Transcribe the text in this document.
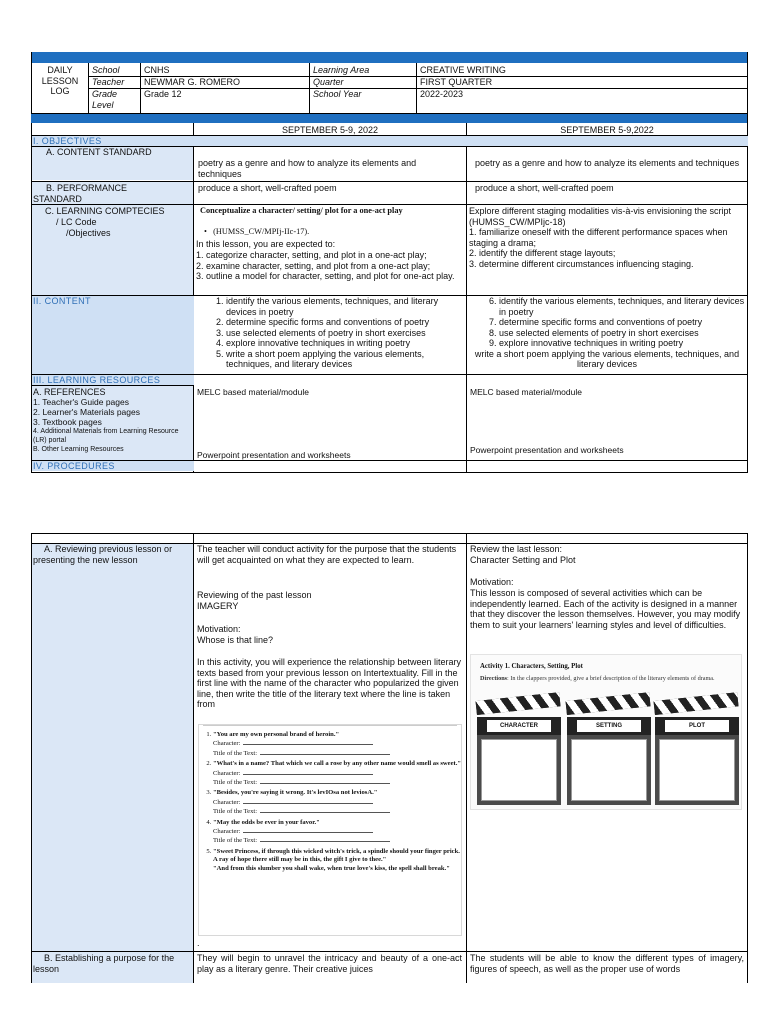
DAILY
LESSON
LOG
School	CNHS	Learning Area	CREATIVE WRITING
Teacher NEWMAR G. ROMERO	Quarter	FIRST QUARTER
Grade
Level
Grade 12	School Year	2022-2023
SEPTEMBER 5-9, 2022	SEPTEMBER 5-9,2022
I. OBJECTIVES
A. CONTENT STANDARD
poetry as a genre and how to analyze its elements and techniques
poetry as a genre and how to analyze its elements and techniques
B. PERFORMANCE STANDARD
produce a short, well-crafted poem	produce a short, well-crafted poem
C. LEARNING COMPTECIES
/ LC Code
/Objectives
Conceptualize a character/ setting/ plot for a one-act play
•   (HUMSS_CW/MPIj-IIc-17).
In this lesson, you are expected to:
1. categorize character, setting, and plot in a one-act play;
2. examine character, setting, and plot from a one-act play;
3. outline a model for character, setting, and plot for one-act play.
Explore different staging modalities vis-à-vis envisioning the script (HUMSS_CW/MPIjc-18)
1. familiarize oneself with the different performance spaces when staging a drama;
2. identify the different stage layouts;
3. determine different circumstances influencing staging.
II. CONTENT
1.	identify the various elements, techniques, and literary devices in poetry
2. determine specific forms and conventions of poetry
3. use selected elements of poetry in short exercises
4. explore innovative techniques in writing poetry
5. write a short poem applying the various elements, techniques, and literary devices
6. identify the various elements, techniques, and literary devices in poetry
7. determine specific forms and conventions of poetry
8. use selected elements of poetry in short exercises
9. explore innovative techniques in writing poetry
write a short poem applying the various elements, techniques, and literary devices
III. LEARNING RESOURCES
A. REFERENCES
1. Teacher's Guide pages
2. Learner's Materials pages
3. Textbook pages
4. Additional Materials from Learning Resource (LR) portal
B. Other Learning Resources
MELC based material/module
Powerpoint presentation and worksheets
MELC based material/module
Powerpoint presentation and worksheets
IV. PROCEDURES
A. Reviewing previous lesson or presenting the new lesson
The teacher will conduct activity for the purpose that the students will get acquainted on what they are expected to learn.
Reviewing of the past lesson
IMAGERY
Motivation:
Whose is that line?
In this activity, you will experience the relationship between literary texts based from your previous lesson on Intertextuality. Fill in the first line with the name of the character who popularized the given line, then write the title of the literary text where the line is taken from
1. "You are my own personal brand of heroin."
Character:
Title of the Text:
2. "What's in a name? That which we call a rose by any other name would smell as sweet."
Character:
Title of the Text:
3. "Besides, you're saying it wrong. It's levIOsa not leviosA."
Character:
Title of the Text:
4. "May the odds be ever in your favor."
Character:
Title of the Text:
5. "Sweet Princess, if through this wicked witch's trick, a spindle should your finger prick. A ray of hope there still may be in this, the gift I give to thee."
"And from this slumber you shall wake, when true love's kiss, the spell shall break."
.
Review the last lesson:
Character Setting and Plot
Motivation:
This lesson is composed of several activities which can be independently learned. Each of the activity is designed in a manner that they discover the lesson themselves. However, you may modify them to suit your learners' learning styles and level of difficulties.
Activity 1. Characters, Setting, Plot
Directions: In the clappers provided, give a brief description of the literary elements of drama.
CHARACTER	SETTING	PLOT
B. Establishing a purpose for the lesson
They will begin to unravel the intricacy and beauty of a one-act play as a literary genre. Their creative juices
The students will be able to know the different types of imagery, figures of speech, as well as the proper use of words
